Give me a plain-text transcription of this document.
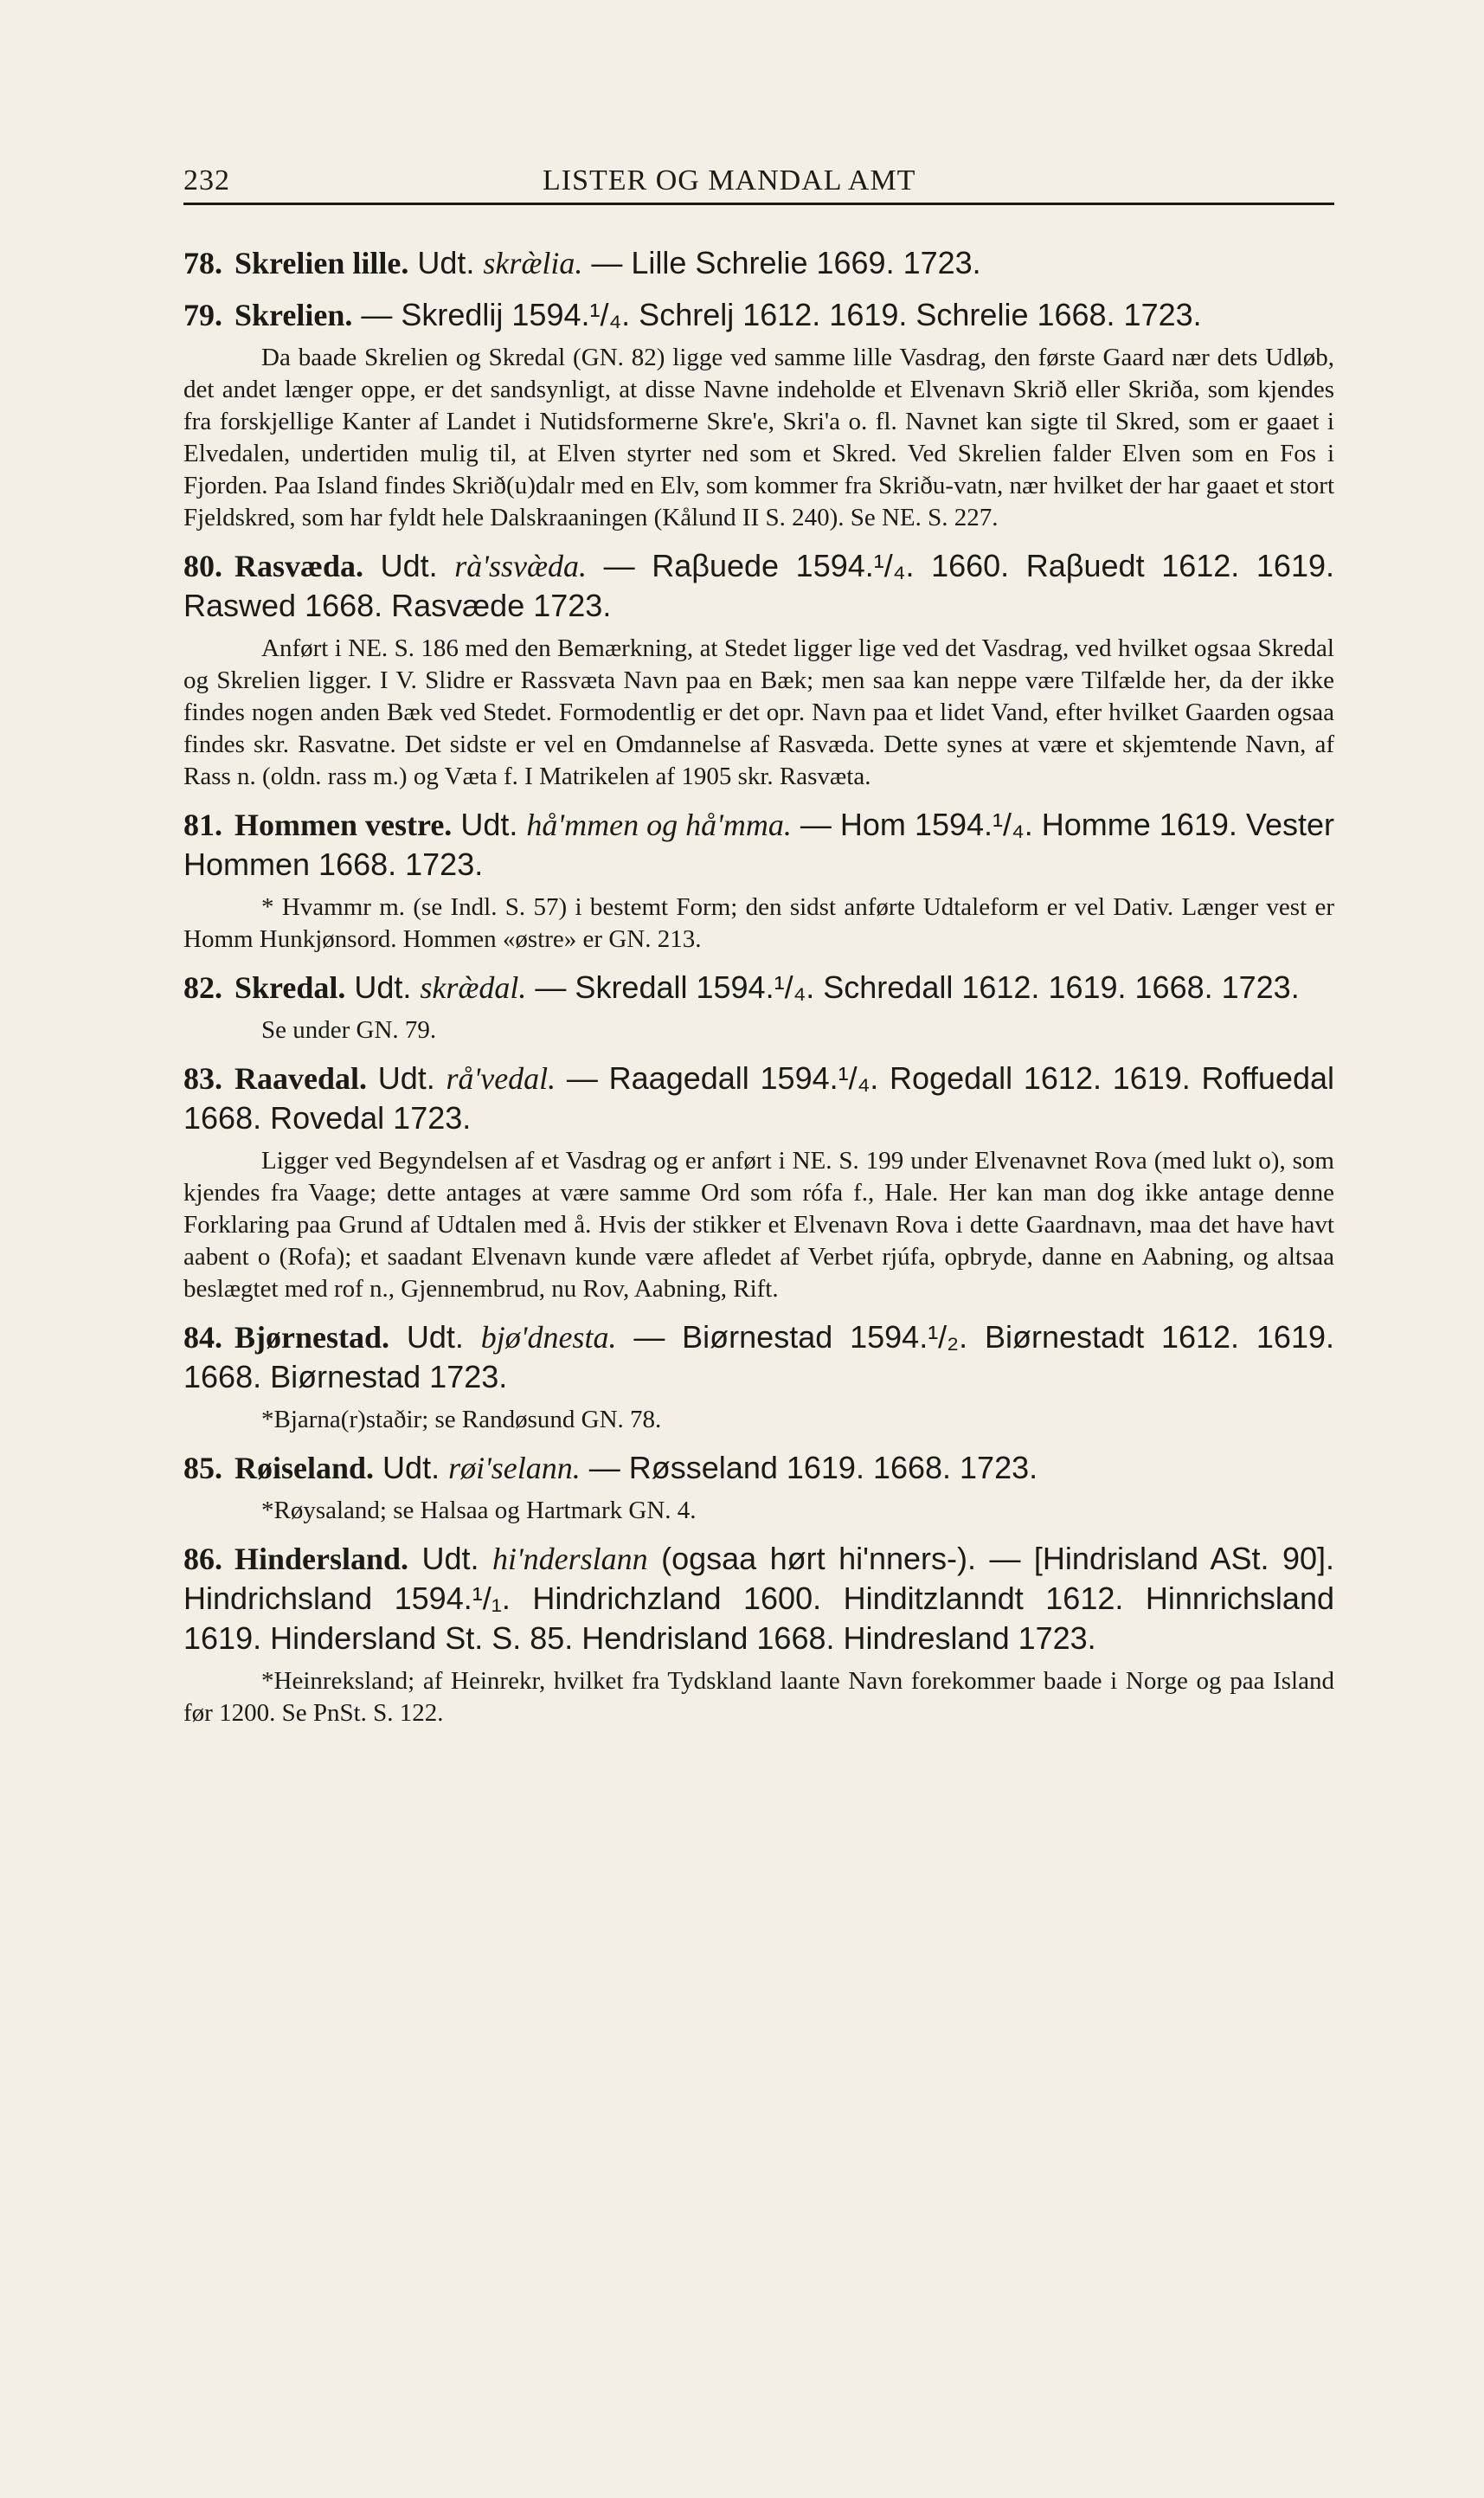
232	LISTER OG MANDAL AMT

78. Skrelien lille. Udt. skræ̀lia. — Lille Schrelie 1669. 1723.

79. Skrelien. — Skredlij 1594.¹/₄. Schrelj 1612. 1619. Schrelie 1668. 1723.

Da baade Skrelien og Skredal (GN. 82) ligge ved samme lille Vasdrag, den første Gaard nær dets Udløb, det andet længer oppe, er det sandsynligt, at disse Navne indeholde et Elvenavn Skrið eller Skriða, som kjendes fra forskjellige Kanter af Landet i Nutidsformerne Skre'e, Skri'a o. fl. Navnet kan sigte til Skred, som er gaaet i Elvedalen, undertiden mulig til, at Elven styrter ned som et Skred. Ved Skrelien falder Elven som en Fos i Fjorden. Paa Island findes Skrið(u)dalr med en Elv, som kommer fra Skriðu-vatn, nær hvilket der har gaaet et stort Fjeldskred, som har fyldt hele Dalskraaningen (Kålund II S. 240). Se NE. S. 227.

80. Rasvæda. Udt. rà'ssvæ̀da. — Raβuede 1594.¹/₄. 1660. Raβuedt 1612. 1619. Raswed 1668. Rasvæde 1723.

Anført i NE. S. 186 med den Bemærkning, at Stedet ligger lige ved det Vasdrag, ved hvilket ogsaa Skredal og Skrelien ligger. I V. Slidre er Rassvæta Navn paa en Bæk; men saa kan neppe være Tilfælde her, da der ikke findes nogen anden Bæk ved Stedet. Formodentlig er det opr. Navn paa et lidet Vand, efter hvilket Gaarden ogsaa findes skr. Rasvatne. Det sidste er vel en Omdannelse af Rasvæda. Dette synes at være et skjemtende Navn, af Rass n. (oldn. rass m.) og Væta f. I Matrikelen af 1905 skr. Rasvæta.

81. Hommen vestre. Udt. hå'mmen og hå'mma. — Hom 1594.¹/₄. Homme 1619. Vester Hommen 1668. 1723.

* Hvammr m. (se Indl. S. 57) i bestemt Form; den sidst anførte Udtaleform er vel Dativ. Længer vest er Homm Hunkjønsord. Hommen «østre» er GN. 213.

82. Skredal. Udt. skræ̀dal. — Skredall 1594.¹/₄. Schredall 1612. 1619. 1668. 1723.

Se under GN. 79.

83. Raavedal. Udt. rå'vedal. — Raagedall 1594.¹/₄. Rogedall 1612. 1619. Roffuedal 1668. Rovedal 1723.

Ligger ved Begyndelsen af et Vasdrag og er anført i NE. S. 199 under Elvenavnet Rova (med lukt o), som kjendes fra Vaage; dette antages at være samme Ord som rófa f., Hale. Her kan man dog ikke antage denne Forklaring paa Grund af Udtalen med å. Hvis der stikker et Elvenavn Rova i dette Gaardnavn, maa det have havt aabent o (Rofa); et saadant Elvenavn kunde være afledet af Verbet rjúfa, opbryde, danne en Aabning, og altsaa beslægtet med rof n., Gjennembrud, nu Rov, Aabning, Rift.

84. Bjørnestad. Udt. bjø'dnesta. — Biørnestad 1594.¹/₂. Biørnestadt 1612. 1619. 1668. Biørnestad 1723.

*Bjarna(r)staðir; se Randøsund GN. 78.

85. Røiseland. Udt. røi'selann. — Røsseland 1619. 1668. 1723.

*Røysaland; se Halsaa og Hartmark GN. 4.

86. Hindersland. Udt. hi'nderslann (ogsaa hørt hi'nners-). — [Hindrisland ASt. 90]. Hindrichsland 1594.¹/₁. Hindrichzland 1600. Hinditzlanndt 1612. Hinnrichsland 1619. Hindersland St. S. 85. Hendrisland 1668. Hindresland 1723.

*Heinreksland; af Heinrekr, hvilket fra Tydskland laante Navn forekommer baade i Norge og paa Island før 1200. Se PnSt. S. 122.
